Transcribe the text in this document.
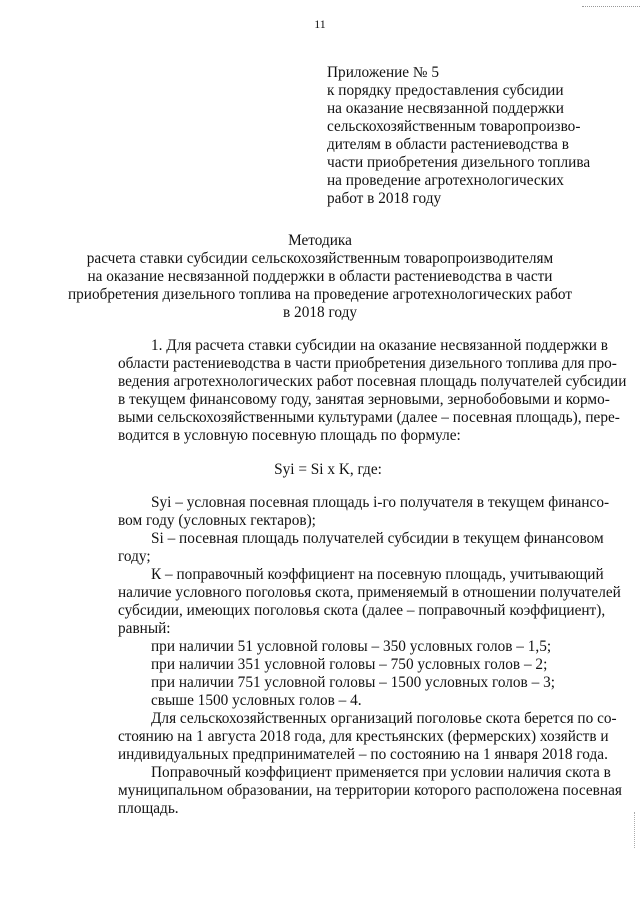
11
Приложение № 5
к порядку предоставления субсидии
на оказание несвязанной поддержки
сельскохозяйственным товаропроизво-
дителям в области растениеводства в
части приобретения дизельного топлива
на проведение агротехнологических
работ в 2018 году
Методика
расчета ставки субсидии сельскохозяйственным товаропроизводителям
на оказание несвязанной поддержки в области растениеводства в части
приобретения дизельного топлива на проведение агротехнологических работ
в 2018 году
1. Для расчета ставки субсидии на оказание несвязанной поддержки в
области растениеводства в части приобретения дизельного топлива для про-
ведения агротехнологических работ посевная площадь получателей субсидии
в текущем финансовому году, занятая зерновыми, зернобобовыми и кормо-
выми сельскохозяйственными культурами (далее – посевная площадь), пере-
водится в условную посевную площадь по формуле:
Syi = Si x K, где:
Syi – условная посевная площадь i-го получателя в текущем финансо-
вом году (условных гектаров);
Si – посевная площадь получателей субсидии в текущем финансовом
году;
К – поправочный коэффициент на посевную площадь, учитывающий
наличие условного поголовья скота, применяемый в отношении получателей
субсидии, имеющих поголовья скота (далее – поправочный коэффициент),
равный:
при наличии 51 условной головы – 350 условных голов – 1,5;
при наличии 351 условной головы – 750 условных голов – 2;
при наличии 751 условной головы – 1500 условных голов – 3;
свыше 1500 условных голов – 4.
Для сельскохозяйственных организаций поголовье скота берется по со-
стоянию на 1 августа 2018 года, для крестьянских (фермерских) хозяйств и
индивидуальных предпринимателей – по состоянию на 1 января 2018 года.
Поправочный коэффициент применяется при условии наличия скота в
муниципальном образовании, на территории которого расположена посевная
площадь.
